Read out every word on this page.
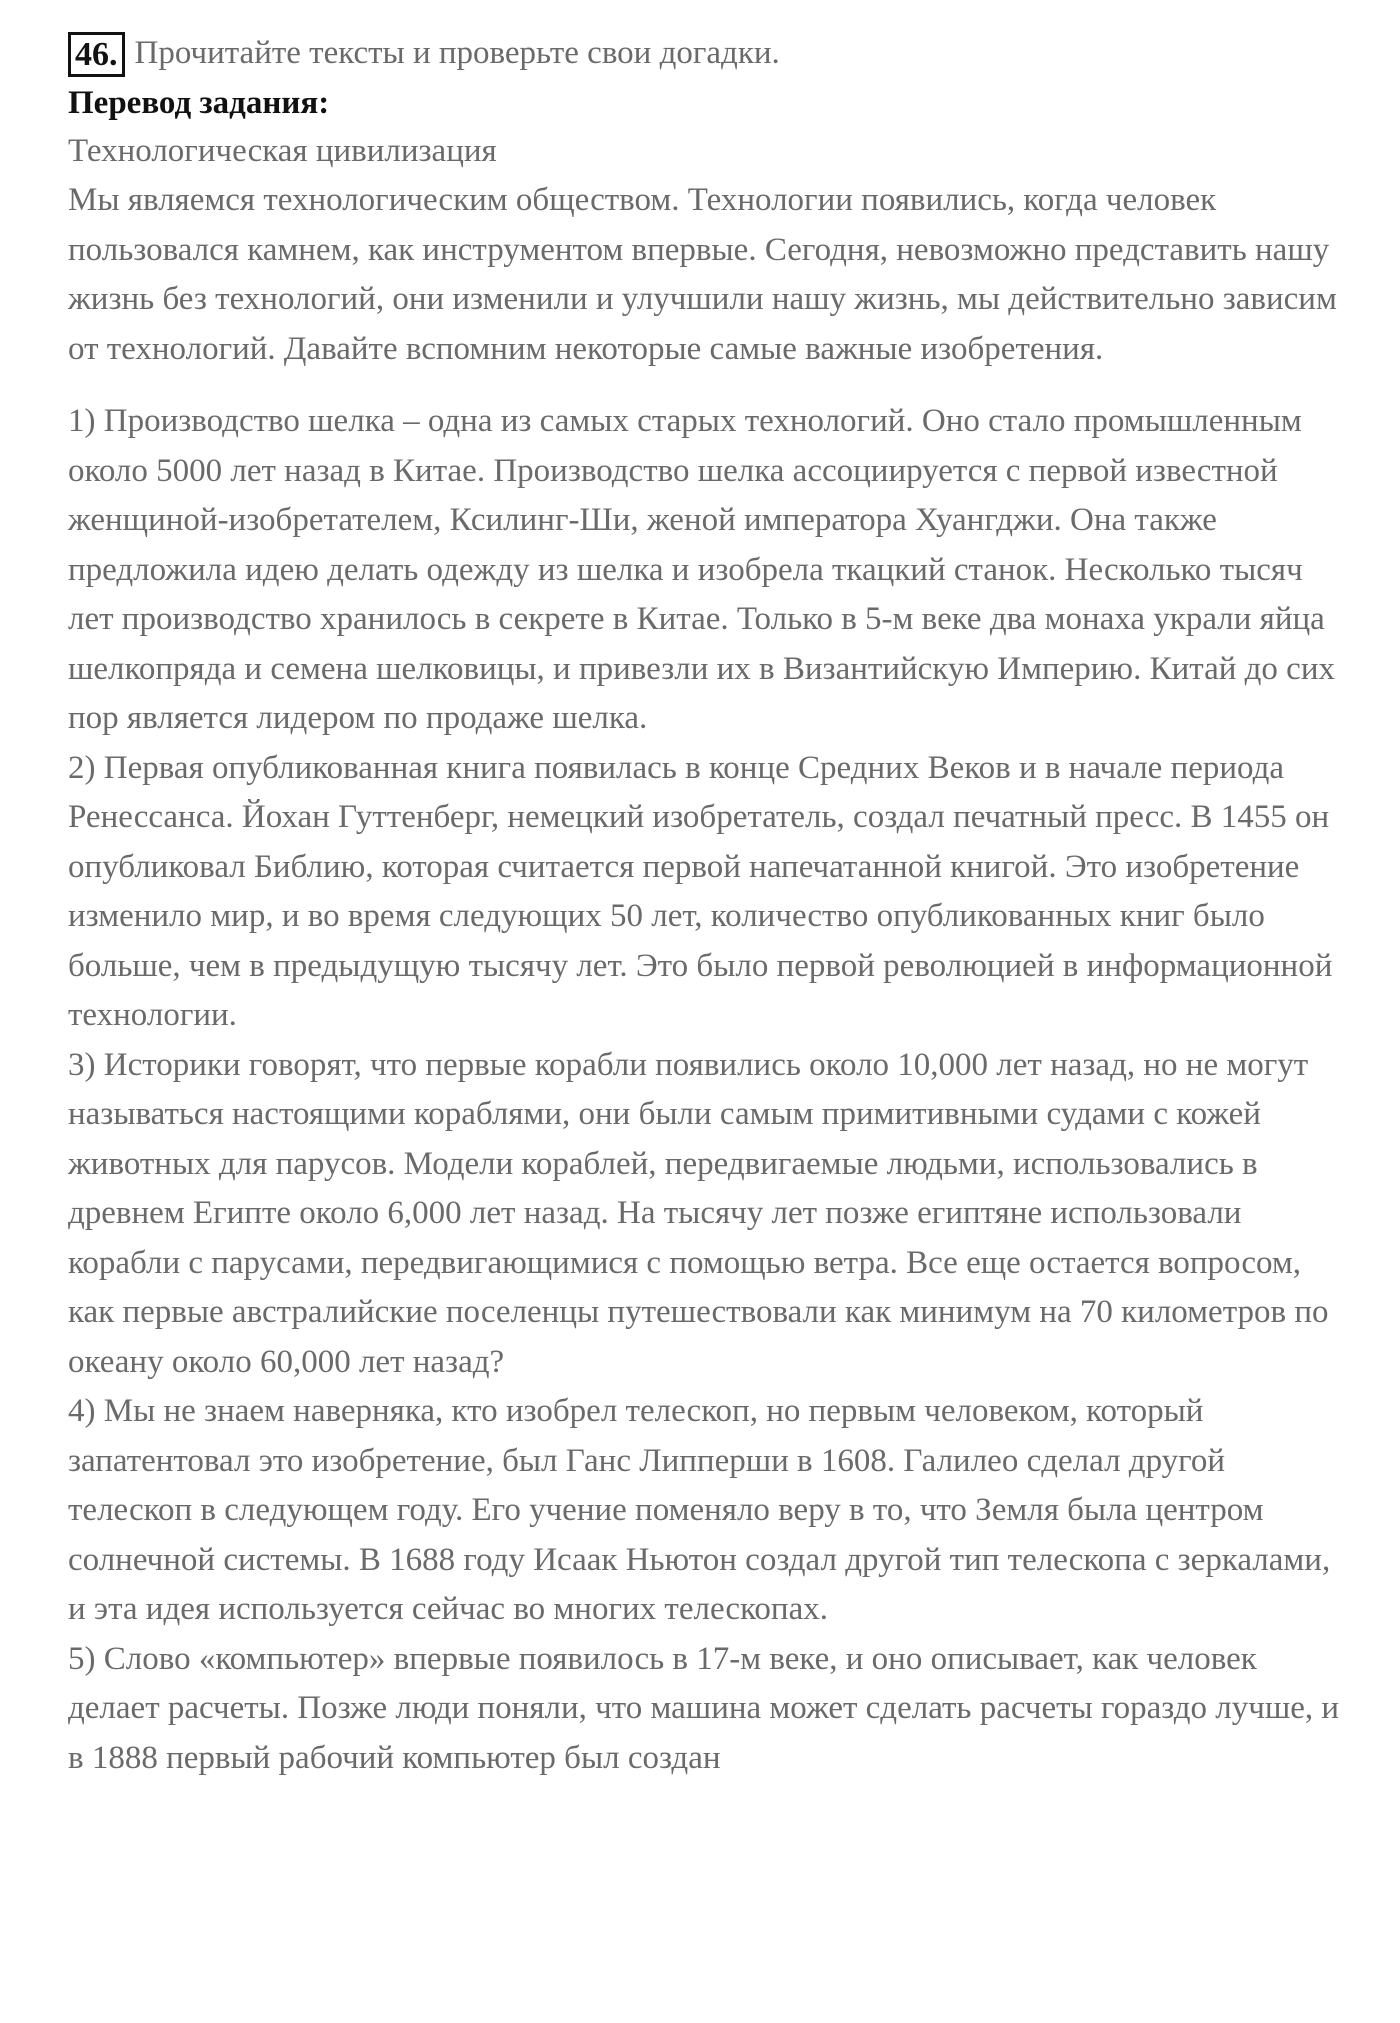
46. Прочитайте тексты и проверьте свои догадки.
Перевод задания:
Технологическая цивилизация

Мы являемся технологическим обществом. Технологии появились, когда человек пользовался камнем, как инструментом впервые. Сегодня, невозможно представить нашу жизнь без технологий, они изменили и улучшили нашу жизнь, мы действительно зависим от технологий. Давайте вспомним некоторые самые важные изобретения.

1) Производство шелка – одна из самых старых технологий. Оно стало промышленным около 5000 лет назад в Китае. Производство шелка ассоциируется с первой известной женщиной-изобретателем, Ксилинг-Ши, женой императора Хуангджи. Она также предложила идею делать одежду из шелка и изобрела ткацкий станок. Несколько тысяч лет производство хранилось в секрете в Китае. Только в 5-м веке два монаха украли яйца шелкопряда и семена шелковицы, и привезли их в Византийскую Империю. Китай до сих пор является лидером по продаже шелка.

2) Первая опубликованная книга появилась в конце Средних Веков и в начале периода Ренессанса. Йохан Гуттенберг, немецкий изобретатель, создал печатный пресс. В 1455 он опубликовал Библию, которая считается первой напечатанной книгой. Это изобретение изменило мир, и во время следующих 50 лет, количество опубликованных книг было больше, чем в предыдущую тысячу лет. Это было первой революцией в информационной технологии.

3) Историки говорят, что первые корабли появились около 10,000 лет назад, но не могут называться настоящими кораблями, они были самым примитивными судами с кожей животных для парусов. Модели кораблей, передвигаемые людьми, использовались в древнем Египте около 6,000 лет назад. На тысячу лет позже египтяне использовали корабли с парусами, передвигающимися с помощью ветра. Все еще остается вопросом, как первые австралийские поселенцы путешествовали как минимум на 70 километров по океану около 60,000 лет назад?

4) Мы не знаем наверняка, кто изобрел телескоп, но первым человеком, который запатентовал это изобретение, был Ганс Липперши в 1608. Галилео сделал другой телескоп в следующем году. Его учение поменяло веру в то, что Земля была центром солнечной системы. В 1688 году Исаак Ньютон создал другой тип телескопа с зеркалами, и эта идея используется сейчас во многих телескопах.

5) Слово «компьютер» впервые появилось в 17-м веке, и оно описывает, как человек делает расчеты. Позже люди поняли, что машина может сделать расчеты гораздо лучше, и в 1888 первый рабочий компьютер был создан
